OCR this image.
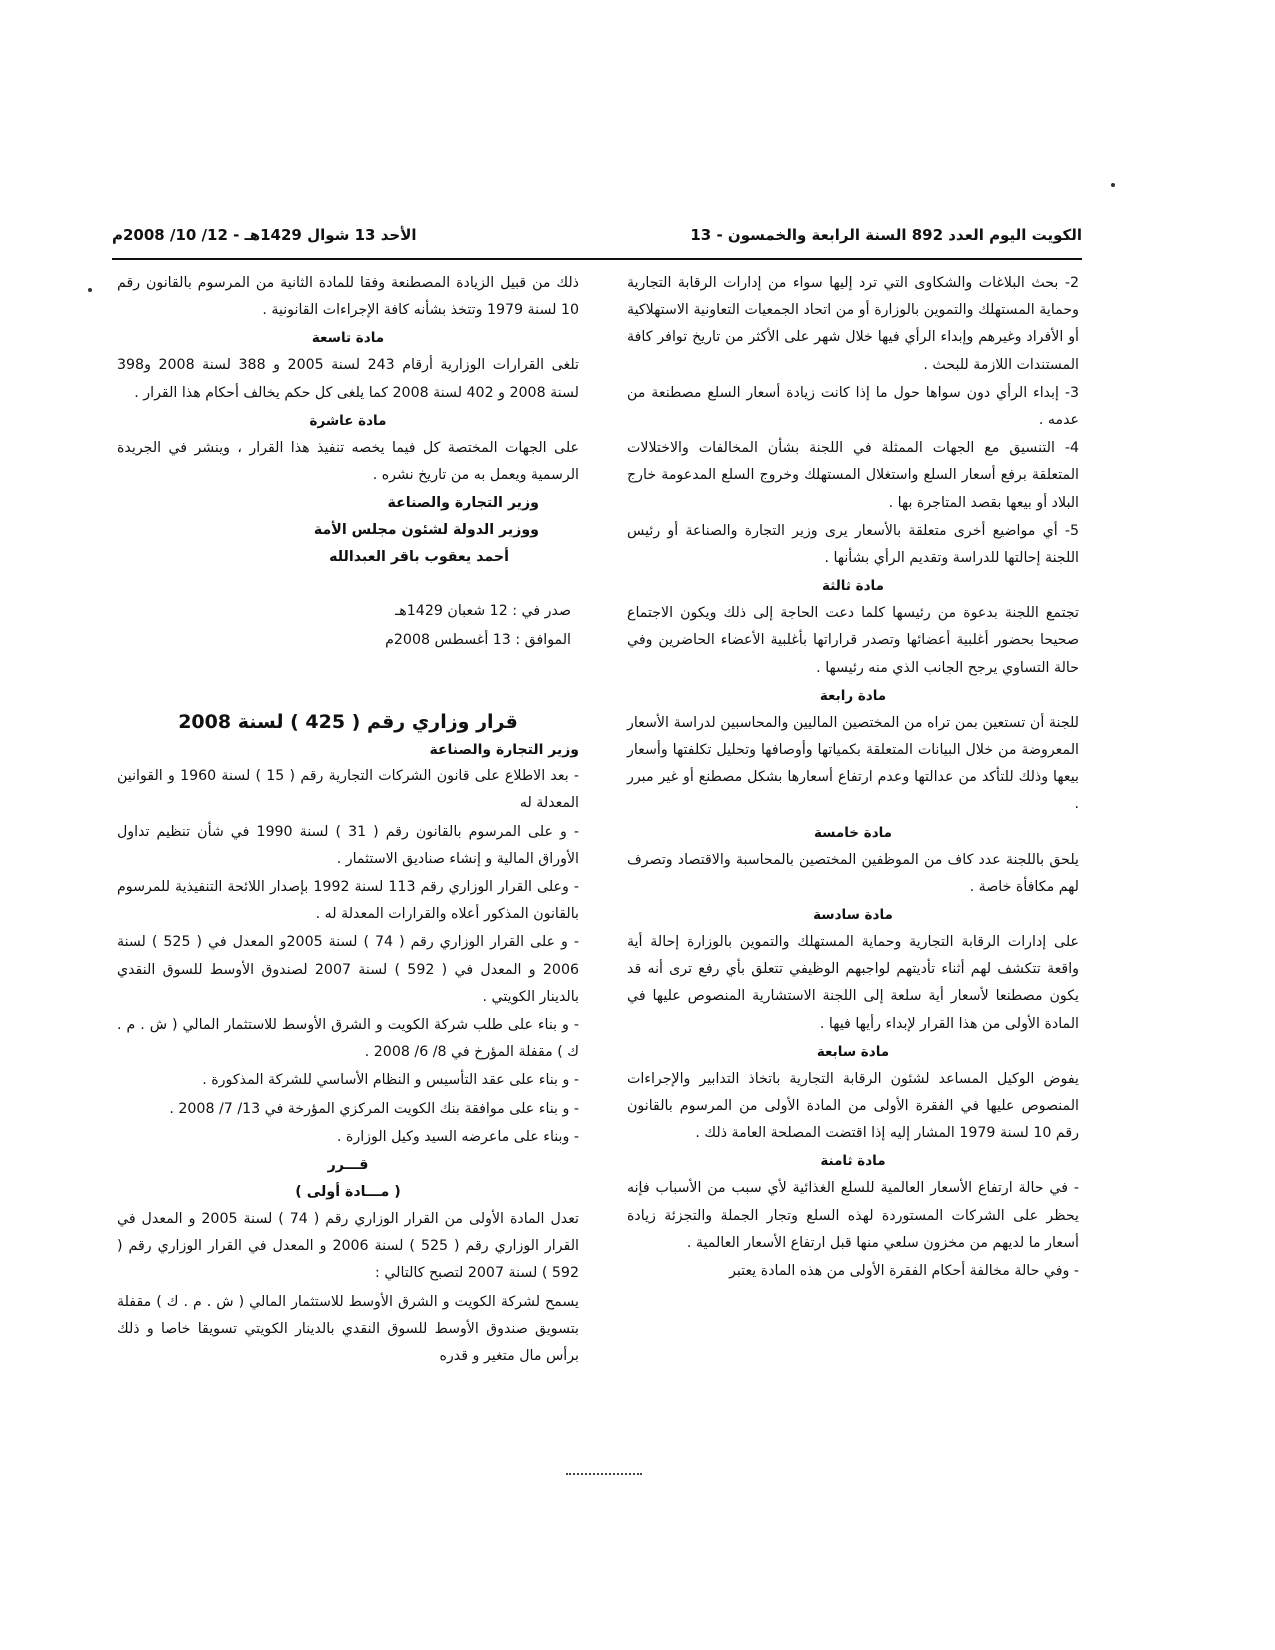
الكويت اليوم العدد 892 السنة الرابعة والخمسون - 13
الأحد 13 شوال 1429هـ - 12/ 10/ 2008م

2- بحث البلاغات والشكاوى التي ترد إليها سواء من إدارات الرقابة التجارية وحماية المستهلك والتموين بالوزارة أو من اتحاد الجمعيات التعاونية الاستهلاكية أو الأفراد وغيرهم وإبداء الرأي فيها خلال شهر على الأكثر من تاريخ توافر كافة المستندات اللازمة للبحث .

3- إبداء الرأي دون سواها حول ما إذا كانت زيادة أسعار السلع مصطنعة من عدمه .

4- التنسيق مع الجهات الممثلة في اللجنة بشأن المخالفات والاختلالات المتعلقة برفع أسعار السلع واستغلال المستهلك وخروج السلع المدعومة خارج البلاد أو بيعها بقصد المتاجرة بها .

5- أي مواضيع أخرى متعلقة بالأسعار يرى وزير التجارة والصناعة أو رئيس اللجنة إحالتها للدراسة وتقديم الرأي بشأنها .

مادة ثالثة

تجتمع اللجنة بدعوة من رئيسها كلما دعت الحاجة إلى ذلك ويكون الاجتماع صحيحا بحضور أغلبية أعضائها وتصدر قراراتها بأغلبية الأعضاء الحاضرين وفي حالة التساوي يرجح الجانب الذي منه رئيسها .

مادة رابعة

للجنة أن تستعين بمن تراه من المختصين الماليين والمحاسبين لدراسة الأسعار المعروضة من خلال البيانات المتعلقة بكمياتها وأوصافها وتحليل تكلفتها وأسعار بيعها وذلك للتأكد من عدالتها وعدم ارتفاع أسعارها بشكل مصطنع أو غير مبرر .

مادة خامسة

يلحق باللجنة عدد كاف من الموظفين المختصين بالمحاسبة والاقتصاد وتصرف لهم مكافأة خاصة .

مادة سادسة

على إدارات الرقابة التجارية وحماية المستهلك والتموين بالوزارة إحالة أية واقعة تتكشف لهم أثناء تأديتهم لواجبهم الوظيفي تتعلق بأي رفع ترى أنه قد يكون مصطنعا لأسعار أية سلعة إلى اللجنة الاستشارية المنصوص عليها في المادة الأولى من هذا القرار لإبداء رأيها فيها .

مادة سابعة

يفوض الوكيل المساعد لشئون الرقابة التجارية باتخاذ التدابير والإجراءات المنصوص عليها في الفقرة الأولى من المادة الأولى من المرسوم بالقانون رقم 10 لسنة 1979 المشار إليه إذا اقتضت المصلحة العامة ذلك .

مادة ثامنة

- في حالة ارتفاع الأسعار العالمية للسلع الغذائية لأي سبب من الأسباب فإنه يحظر على الشركات المستوردة لهذه السلع وتجار الجملة والتجزئة زيادة أسعار ما لديهم من مخزون سلعي منها قبل ارتفاع الأسعار العالمية .

- وفي حالة مخالفة أحكام الفقرة الأولى من هذه المادة يعتبر

ذلك من قبيل الزيادة المصطنعة وفقا للمادة الثانية من المرسوم بالقانون رقم 10 لسنة 1979 وتتخذ بشأنه كافة الإجراءات القانونية .

مادة تاسعة

تلغى القرارات الوزارية أرقام 243 لسنة 2005 و 388 لسنة 2008 و398 لسنة 2008 و 402 لسنة 2008 كما يلغى كل حكم يخالف أحكام هذا القرار .

مادة عاشرة

على الجهات المختصة كل فيما يخصه تنفيذ هذا القرار ، وينشر في الجريدة الرسمية ويعمل به من تاريخ نشره .

وزير التجارة والصناعة
ووزير الدولة لشئون مجلس الأمة
أحمد يعقوب باقر العبدالله
صدر في : 12 شعبان 1429هـ
الموافق : 13 أغسطس 2008م
قرار وزاري رقم ( 425 ) لسنة 2008
وزير التجارة والصناعة

- بعد الاطلاع على قانون الشركات التجارية رقم ( 15 ) لسنة 1960 و القوانين المعدلة له

- و على المرسوم بالقانون رقم ( 31 ) لسنة 1990 في شأن تنظيم تداول الأوراق المالية و إنشاء صناديق الاستثمار .

- وعلى القرار الوزاري رقم 113 لسنة 1992 بإصدار اللائحة التنفيذية للمرسوم بالقانون المذكور أعلاه والقرارات المعدلة له .

- و على القرار الوزاري رقم ( 74 ) لسنة 2005و المعدل في ( 525 ) لسنة 2006 و المعدل في ( 592 ) لسنة 2007 لصندوق الأوسط للسوق النقدي بالدينار الكويتي .

- و بناء على طلب شركة الكويت و الشرق الأوسط للاستثمار المالي ( ش . م . ك ) مقفلة المؤرخ في 8/ 6/ 2008 .

- و بناء على عقد التأسيس و النظام الأساسي للشركة المذكورة .

- و بناء على موافقة بنك الكويت المركزي المؤرخة في 13/ 7/ 2008 .

- وبناء على ماعرضه السيد وكيل الوزارة .

قـــرر
( مـــادة أولى )

تعدل المادة الأولى من القرار الوزاري رقم ( 74 ) لسنة 2005 و المعدل في القرار الوزاري رقم ( 525 ) لسنة 2006 و المعدل في القرار الوزاري رقم ( 592 ) لسنة 2007 لتصبح كالتالي :

يسمح لشركة الكويت و الشرق الأوسط للاستثمار المالي ( ش . م . ك ) مقفلة بتسويق صندوق الأوسط للسوق النقدي بالدينار الكويتي تسويقا خاصا و ذلك برأس مال متغير و قدره
